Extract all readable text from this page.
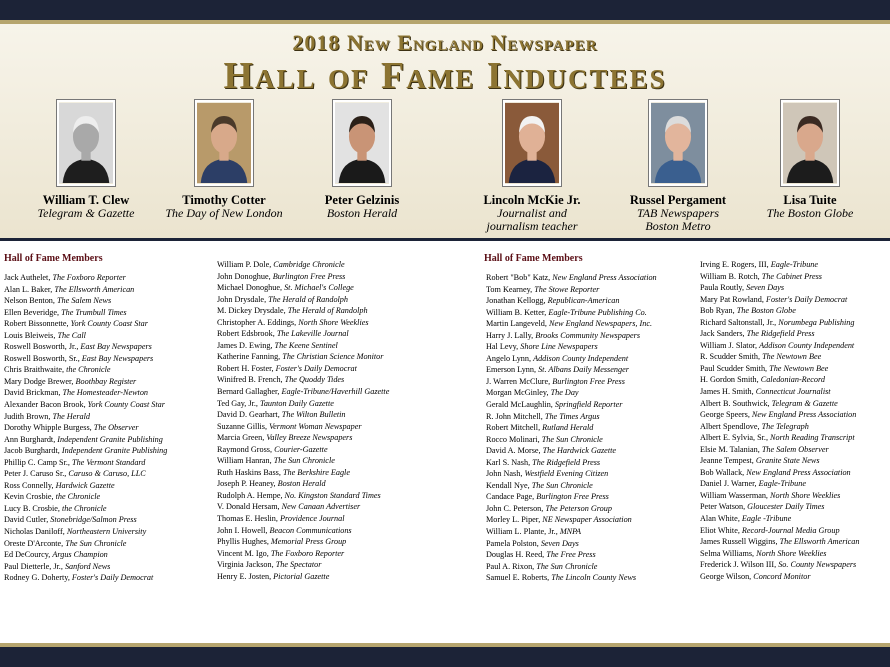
2018 New England Newspaper
Hall of Fame Inductees
William T. Clew
Telegram & Gazette
Timothy Cotter
The Day of New London
Peter Gelzinis
Boston Herald
Lincoln McKie Jr.
Journalist and
journalism teacher
Russel Pergament
TAB Newspapers
Boston Metro
Lisa Tuite
The Boston Globe
Hall of Fame Members	Hall of Fame Members
Jack Authelet, The Foxboro Reporter
Alan L. Baker, The Ellsworth American
Nelson Benton, The Salem News
Ellen Beveridge, The Trumbull Times
Robert Bissonnette, York County Coast Star
Louis Bleiweis, The Call
Roswell Bosworth, Jr., East Bay Newspapers
Roswell Bosworth, Sr., East Bay Newspapers
Chris Braithwaite, the Chronicle
Mary Dodge Brewer, Boothbay Register
David Brickman, The Homesteader-Newton
Alexander Bacon Brook, York County Coast Star
Judith Brown, The Herald
Dorothy Whipple Burgess, The Observer
Ann Burghardt, Independent Granite Publishing
Jacob Burghardt, Independent Granite Publishing
Phillip C. Camp Sr., The Vermont Standard
Peter J. Caruso Sr., Caruso & Caruso, LLC
Ross Connelly, Hardwick Gazette
Kevin Crosbie, the Chronicle
Lucy B. Crosbie, the Chronicle
David Cutler, Stonebridge/Salmon Press
Nicholas Daniloff, Northeastern University
Oreste D'Arconte, The Sun Chronicle
Ed DeCourcy, Argus Champion
Paul Dietterle, Jr., Sanford News
Rodney G. Doherty, Foster's Daily Democrat
William P. Dole, Cambridge Chronicle
John Donoghue, Burlington Free Press
Michael Donoghue, St. Michael's College
John Drysdale, The Herald of Randolph
M. Dickey Drysdale, The Herald of Randolph
Christopher A. Eddings, North Shore Weeklies
Robert Edsbrook, The Lakeville Journal
James D. Ewing, The Keene Sentinel
Katherine Fanning, The Christian Science Monitor
Robert H. Foster, Foster's Daily Democrat
Winifred B. French, The Quoddy Tides
Bernard Gallagher, Eagle-Tribune/Haverhill Gazette
Ted Gay, Jr., Taunton Daily Gazette
David D. Gearhart, The Wilton Bulletin
Suzanne Gillis, Vermont Woman Newspaper
Marcia Green, Valley Breeze Newspapers
Raymond Gross, Courier-Gazette
William Hanran, The Sun Chronicle
Ruth Haskins Bass, The Berkshire Eagle
Joseph P. Heaney, Boston Herald
Rudolph A. Hempe, No. Kingston Standard Times
V. Donald Hersam, New Canaan Advertiser
Thomas E. Heslin, Providence Journal
John I. Howell, Beacon Communications
Phyllis Hughes, Memorial Press Group
Vincent M. Igo, The Foxboro Reporter
Virginia Jackson, The Spectator
Henry E. Josten, Pictorial Gazette
Robert "Bob" Katz, New England Press Association
Tom Kearney, The Stowe Reporter
Jonathan Kellogg, Republican-American
William B. Ketter, Eagle-Tribune Publishing Co.
Martin Langeveld, New England Newspapers, Inc.
Harry J. Lally, Brooks Community Newspapers
Hal Levy, Shore Line Newspapers
Angelo Lynn, Addison County Independent
Emerson Lynn, St. Albans Daily Messenger
J. Warren McClure, Burlington Free Press
Morgan McGinley, The Day
Gerald McLaughlin, Springfield Reporter
R. John Mitchell, The Times Argus
Robert Mitchell, Rutland Herald
Rocco Molinari, The Sun Chronicle
David A. Morse, The Hardwick Gazette
Karl S. Nash, The Ridgefield Press
John Nash, Westfield Evening Citizen
Kendall Nye, The Sun Chronicle
Candace Page, Burlington Free Press
John C. Peterson, The Peterson Group
Morley L. Piper, NE Newspaper Association
William L. Plante, Jr., MNPA
Pamela Polston, Seven Days
Douglas H. Reed, The Free Press
Paul A. Rixon, The Sun Chronicle
Samuel E. Roberts, The Lincoln County News
Irving E. Rogers, III, Eagle-Tribune
William B. Rotch, The Cabinet Press
Paula Routly, Seven Days
Mary Pat Rowland, Foster's Daily Democrat
Bob Ryan, The Boston Globe
Richard Saltonstall, Jr., Norumbega Publishing
Jack Sanders, The Ridgefield Press
William J. Slator, Addison County Independent
R. Scudder Smith, The Newtown Bee
Paul Scudder Smith, The Newtown Bee
H. Gordon Smith, Caledonian-Record
James H. Smith, Connecticut Journalist
Albert B. Southwick, Telegram & Gazette
George Speers, New England Press Association
Albert Spendlove, The Telegraph
Albert E. Sylvia, Sr., North Reading Transcript
Elsie M. Talanian, The Salem Observer
Jeanne Tempest, Granite State News
Bob Wallack, New England Press Association
Daniel J. Warner, Eagle-Tribune
William Wasserman, North Shore Weeklies
Peter Watson, Gloucester Daily Times
Alan White, Eagle -Tribune
Eliot White, Record-Journal Media Group
James Russell Wiggins, The Ellsworth American
Selma Williams, North Shore Weeklies
Frederick J. Wilson III, So. County Newspapers
George Wilson, Concord Monitor
